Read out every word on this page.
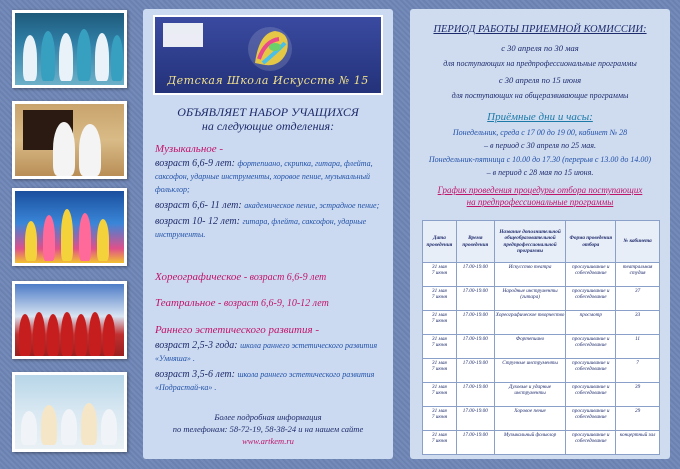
Детская Школа Искусств № 15
ОБЪЯВЛЯЕТ НАБОР УЧАЩИХСЯ
на следующие отделения:
Музыкальное -
возраст 6,6-9 лет: фортепиано, скрипка, гитара, флейта, саксофон, ударные инструменты, хоровое пение, музыкальный фольклор;
возраст 6,6- 11 лет: академическое пение, эстрадное пение;
возраст 10- 12 лет: гитара, флейта, саксофон, ударные инструменты.
Хореографическое - возраст 6,6-9 лет
Театральное - возраст 6,6-9, 10-12 лет
Раннего эстетического развития -
возраст 2,5-3 года: школа раннего эстетического развития «Умняша» .
возраст 3,5-6 лет: школа раннего эстетического развития «Подрастай-ка» .
Более подробная информация
по телефонам: 58-72-19, 58-38-24 и на нашем сайте
www.artkem.ru
ПЕРИОД РАБОТЫ ПРИЕМНОЙ КОМИССИИ:
с 30 апреля по 30 мая
для поступающих на предпрофессиональные программы
с 30 апреля по 15 июня
для поступающих на общеразвивающие программы
Приёмные дни и часы:
Понедельник, среда с 17 00 до 19 00, кабинет № 28
– в период с 30 апреля по 25 мая.
Понедельник-пятница с 10.00 до 17.30 (перерыв с 13.00 до 14.00)
– в период с 28 мая по 15 июня.
График проведения процедуры отбора поступающих
на предпрофессиональные программы
Дата проведения	Время проведения	Название дополнительной общеобразовательной предпрофессиональной программы	Форма проведения отбора	№ кабинета
31 мая
7 июня	17.00-19.00	Искусство театра	прослушивание и собеседование	театральная студия
31 мая
7 июня	17.00-19.00	Народные инструменты (гитара)	прослушивание и собеседование	37
31 мая
7 июня	17.00-19.00	Хореографическое творчество	просмотр	33
31 мая
7 июня	17.00-19.00	Фортепиано	прослушивание и собеседование	11
31 мая
7 июня	17.00-19.00	Струнные инструменты	прослушивание и собеседование	7
31 мая
7 июня	17.00-19.00	Духовые и ударные инструменты	прослушивание и собеседование	39
31 мая
7 июня	17.00-19.00	Хоровое пение	прослушивание и собеседование	29
31 мая
7 июня	17.00-19.00	Музыкальный фольклор	прослушивание и собеседование	концертный зал
